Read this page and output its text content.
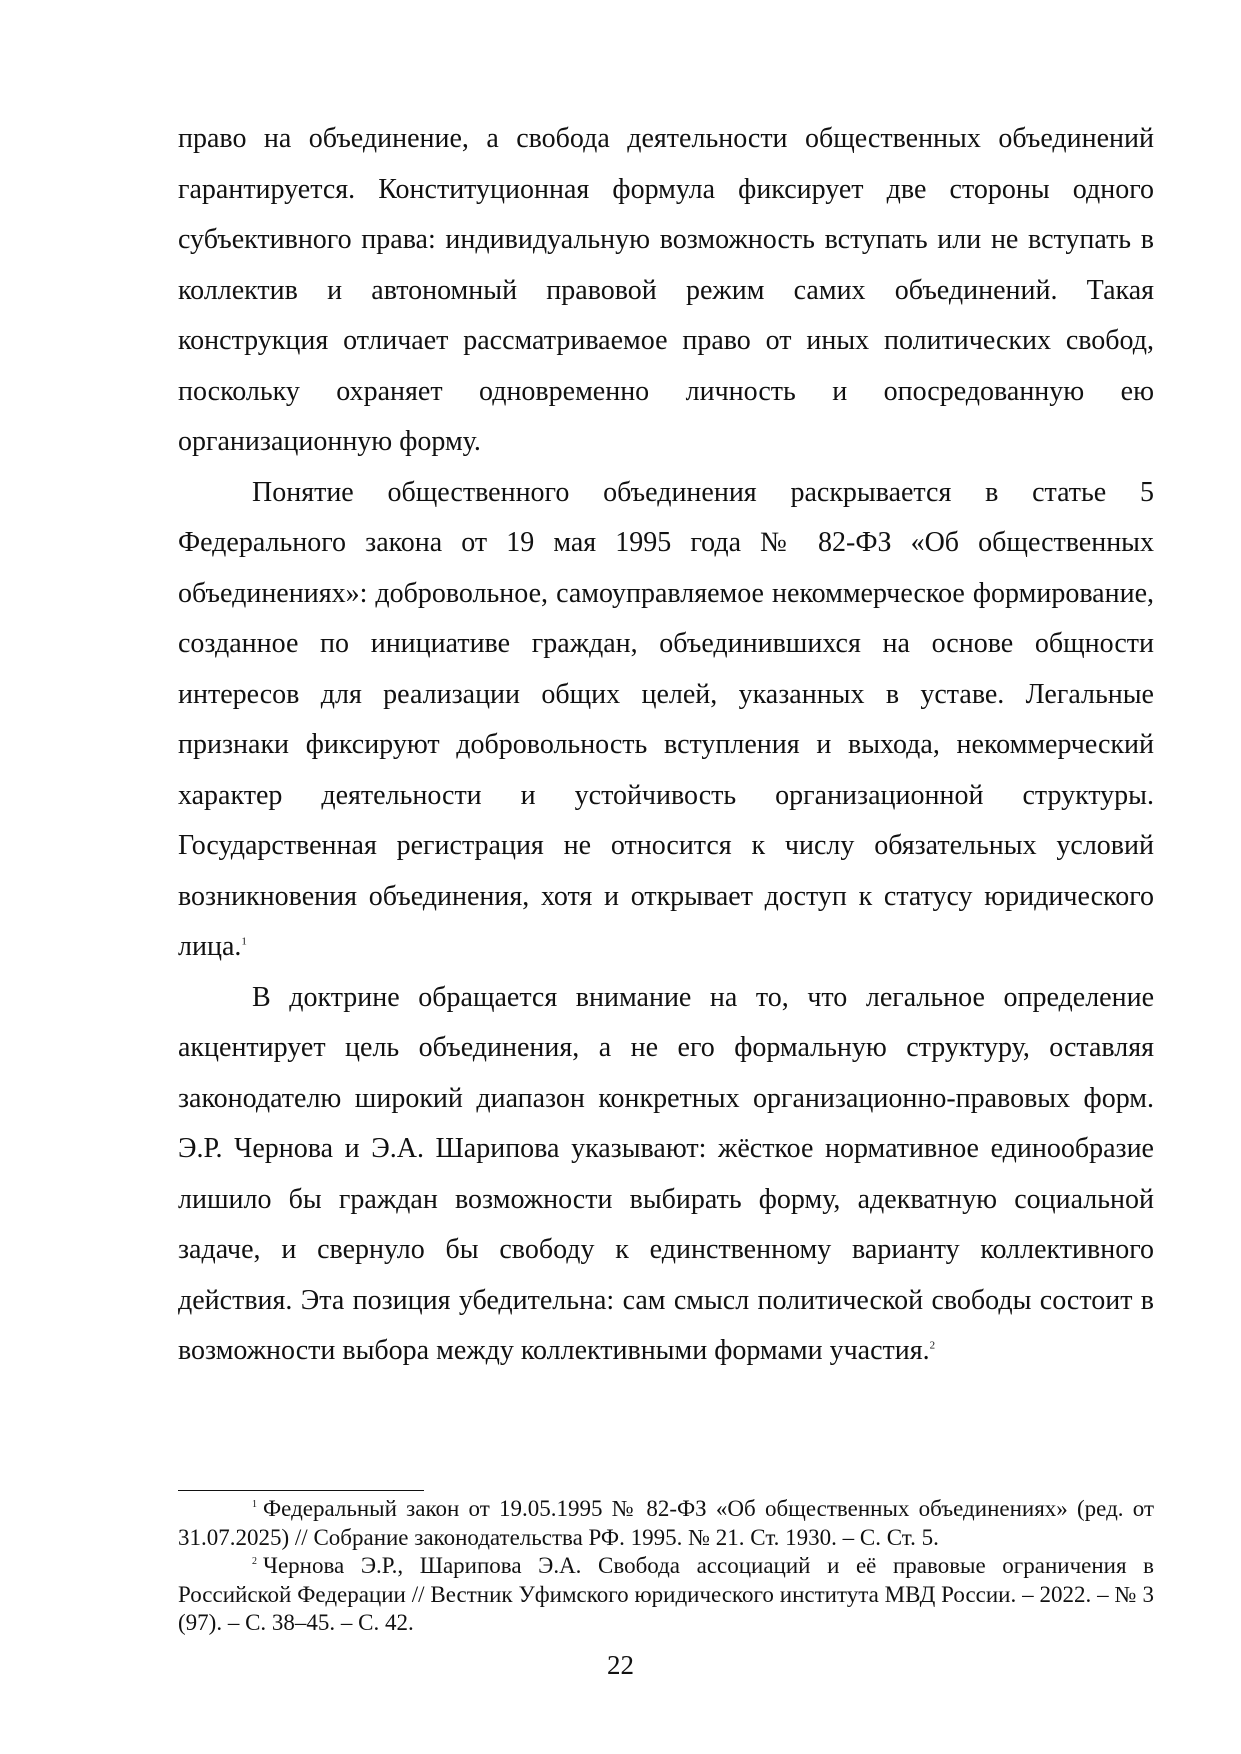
право на объединение, а свобода деятельности общественных объединений гарантируется. Конституционная формула фиксирует две стороны одного субъективного права: индивидуальную возможность вступать или не вступать в коллектив и автономный правовой режим самих объединений. Такая конструкция отличает рассматриваемое право от иных политических свобод, поскольку охраняет одновременно личность и опосредованную ею организационную форму.

Понятие общественного объединения раскрывается в статье 5 Федерального закона от 19 мая 1995 года № 82-ФЗ «Об общественных объединениях»: добровольное, самоуправляемое некоммерческое формирование, созданное по инициативе граждан, объединившихся на основе общности интересов для реализации общих целей, указанных в уставе. Легальные признаки фиксируют добровольность вступления и выхода, некоммерческий характер деятельности и устойчивость организационной структуры. Государственная регистрация не относится к числу обязательных условий возникновения объединения, хотя и открывает доступ к статусу юридического лица.$^1$

В доктрине обращается внимание на то, что легальное определение акцентирует цель объединения, а не его формальную структуру, оставляя законодателю широкий диапазон конкретных организационно-правовых форм. Э.Р. Чернова и Э.А. Шарипова указывают: жёсткое нормативное единообразие лишило бы граждан возможности выбирать форму, адекватную социальной задаче, и свернуло бы свободу к единственному варианту коллективного действия. Эта позиция убедительна: сам смысл политической свободы состоит в возможности выбора между коллективными формами участия.$^2$

$^1$ Федеральный закон от 19.05.1995 № 82-ФЗ «Об общественных объединениях» (ред. от 31.07.2025) // Собрание законодательства РФ. 1995. № 21. Ст. 1930. – С. Ст. 5.

$^2$ Чернова Э.Р., Шарипова Э.А. Свобода ассоциаций и её правовые ограничения в Российской Федерации // Вестник Уфимского юридического института МВД России. – 2022. – № 3 (97). – С. 38–45. – С. 42.

22
